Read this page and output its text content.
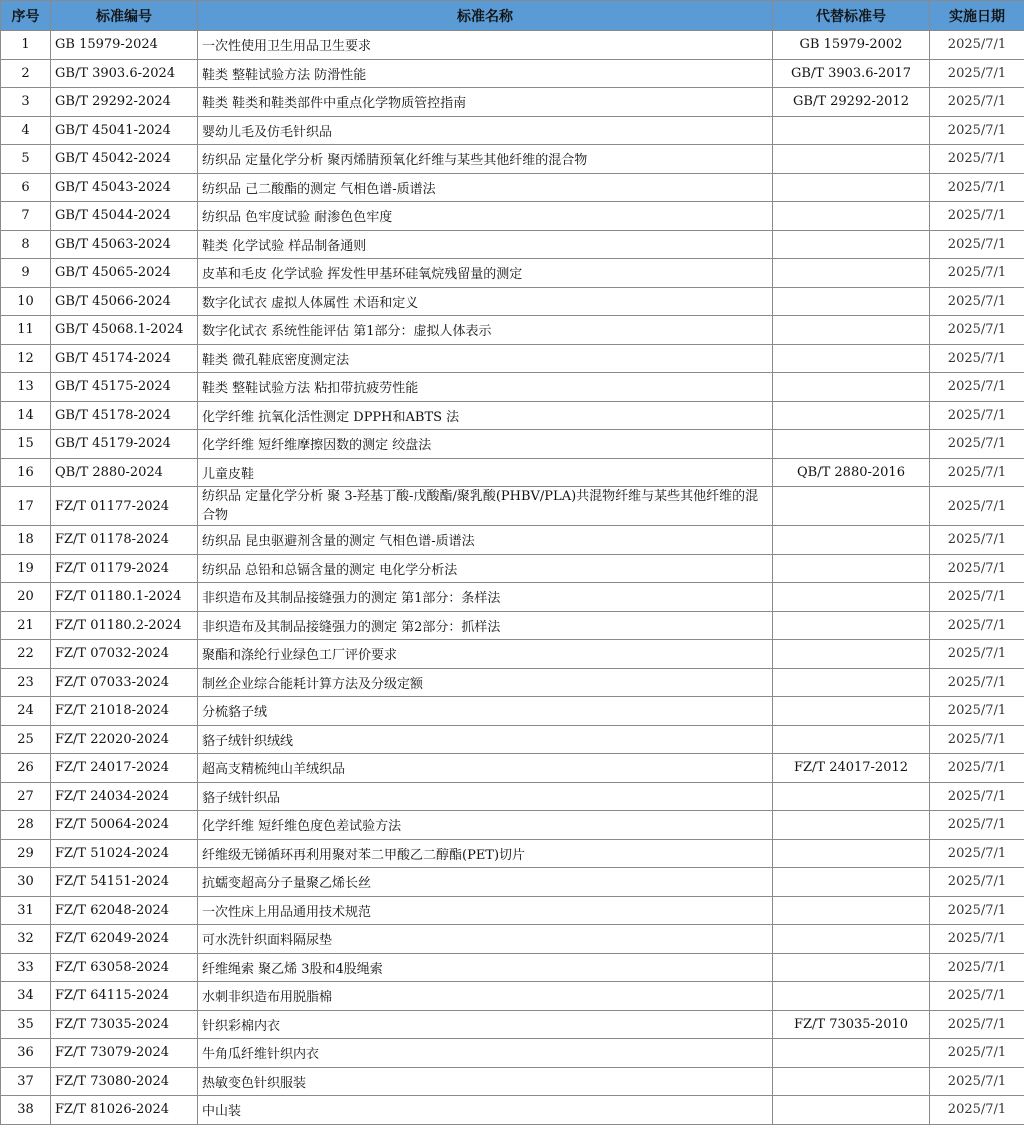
序号	标准编号	标准名称	代替标准号	实施日期
1	GB 15979-2024	一次性使用卫生用品卫生要求	GB 15979-2002	2025/7/1
2	GB/T 3903.6-2024	鞋类 整鞋试验方法 防滑性能	GB/T 3903.6-2017	2025/7/1
3	GB/T 29292-2024	鞋类 鞋类和鞋类部件中重点化学物质管控指南	GB/T 29292-2012	2025/7/1
4	GB/T 45041-2024	婴幼儿毛及仿毛针织品		2025/7/1
5	GB/T 45042-2024	纺织品 定量化学分析 聚丙烯腈预氧化纤维与某些其他纤维的混合物		2025/7/1
6	GB/T 45043-2024	纺织品 己二酸酯的测定 气相色谱-质谱法		2025/7/1
7	GB/T 45044-2024	纺织品 色牢度试验 耐渗色色牢度		2025/7/1
8	GB/T 45063-2024	鞋类 化学试验 样品制备通则		2025/7/1
9	GB/T 45065-2024	皮革和毛皮 化学试验 挥发性甲基环硅氧烷残留量的测定		2025/7/1
10	GB/T 45066-2024	数字化试衣 虚拟人体属性 术语和定义		2025/7/1
11	GB/T 45068.1-2024	数字化试衣 系统性能评估 第1部分：虚拟人体表示		2025/7/1
12	GB/T 45174-2024	鞋类 微孔鞋底密度测定法		2025/7/1
13	GB/T 45175-2024	鞋类 整鞋试验方法 粘扣带抗疲劳性能		2025/7/1
14	GB/T 45178-2024	化学纤维 抗氧化活性测定 DPPH和ABTS 法		2025/7/1
15	GB/T 45179-2024	化学纤维 短纤维摩擦因数的测定 绞盘法		2025/7/1
16	QB/T 2880-2024	儿童皮鞋	QB/T 2880-2016	2025/7/1
17	FZ/T 01177-2024	纺织品 定量化学分析 聚 3-羟基丁酸-戊酸酯/聚乳酸(PHBV/PLA)共混物纤维与某些其他纤维的混合物		2025/7/1
18	FZ/T 01178-2024	纺织品 昆虫驱避剂含量的测定 气相色谱-质谱法		2025/7/1
19	FZ/T 01179-2024	纺织品 总铅和总镉含量的测定 电化学分析法		2025/7/1
20	FZ/T 01180.1-2024	非织造布及其制品接缝强力的测定 第1部分：条样法		2025/7/1
21	FZ/T 01180.2-2024	非织造布及其制品接缝强力的测定 第2部分：抓样法		2025/7/1
22	FZ/T 07032-2024	聚酯和涤纶行业绿色工厂评价要求		2025/7/1
23	FZ/T 07033-2024	制丝企业综合能耗计算方法及分级定额		2025/7/1
24	FZ/T 21018-2024	分梳貉子绒		2025/7/1
25	FZ/T 22020-2024	貉子绒针织绒线		2025/7/1
26	FZ/T 24017-2024	超高支精梳纯山羊绒织品	FZ/T 24017-2012	2025/7/1
27	FZ/T 24034-2024	貉子绒针织品		2025/7/1
28	FZ/T 50064-2024	化学纤维 短纤维色度色差试验方法		2025/7/1
29	FZ/T 51024-2024	纤维级无锑循环再利用聚对苯二甲酸乙二醇酯(PET)切片		2025/7/1
30	FZ/T 54151-2024	抗蠕变超高分子量聚乙烯长丝		2025/7/1
31	FZ/T 62048-2024	一次性床上用品通用技术规范		2025/7/1
32	FZ/T 62049-2024	可水洗针织面料隔尿垫		2025/7/1
33	FZ/T 63058-2024	纤维绳索 聚乙烯 3股和4股绳索		2025/7/1
34	FZ/T 64115-2024	水刺非织造布用脱脂棉		2025/7/1
35	FZ/T 73035-2024	针织彩棉内衣	FZ/T 73035-2010	2025/7/1
36	FZ/T 73079-2024	牛角瓜纤维针织内衣		2025/7/1
37	FZ/T 73080-2024	热敏变色针织服装		2025/7/1
38	FZ/T 81026-2024	中山装		2025/7/1
